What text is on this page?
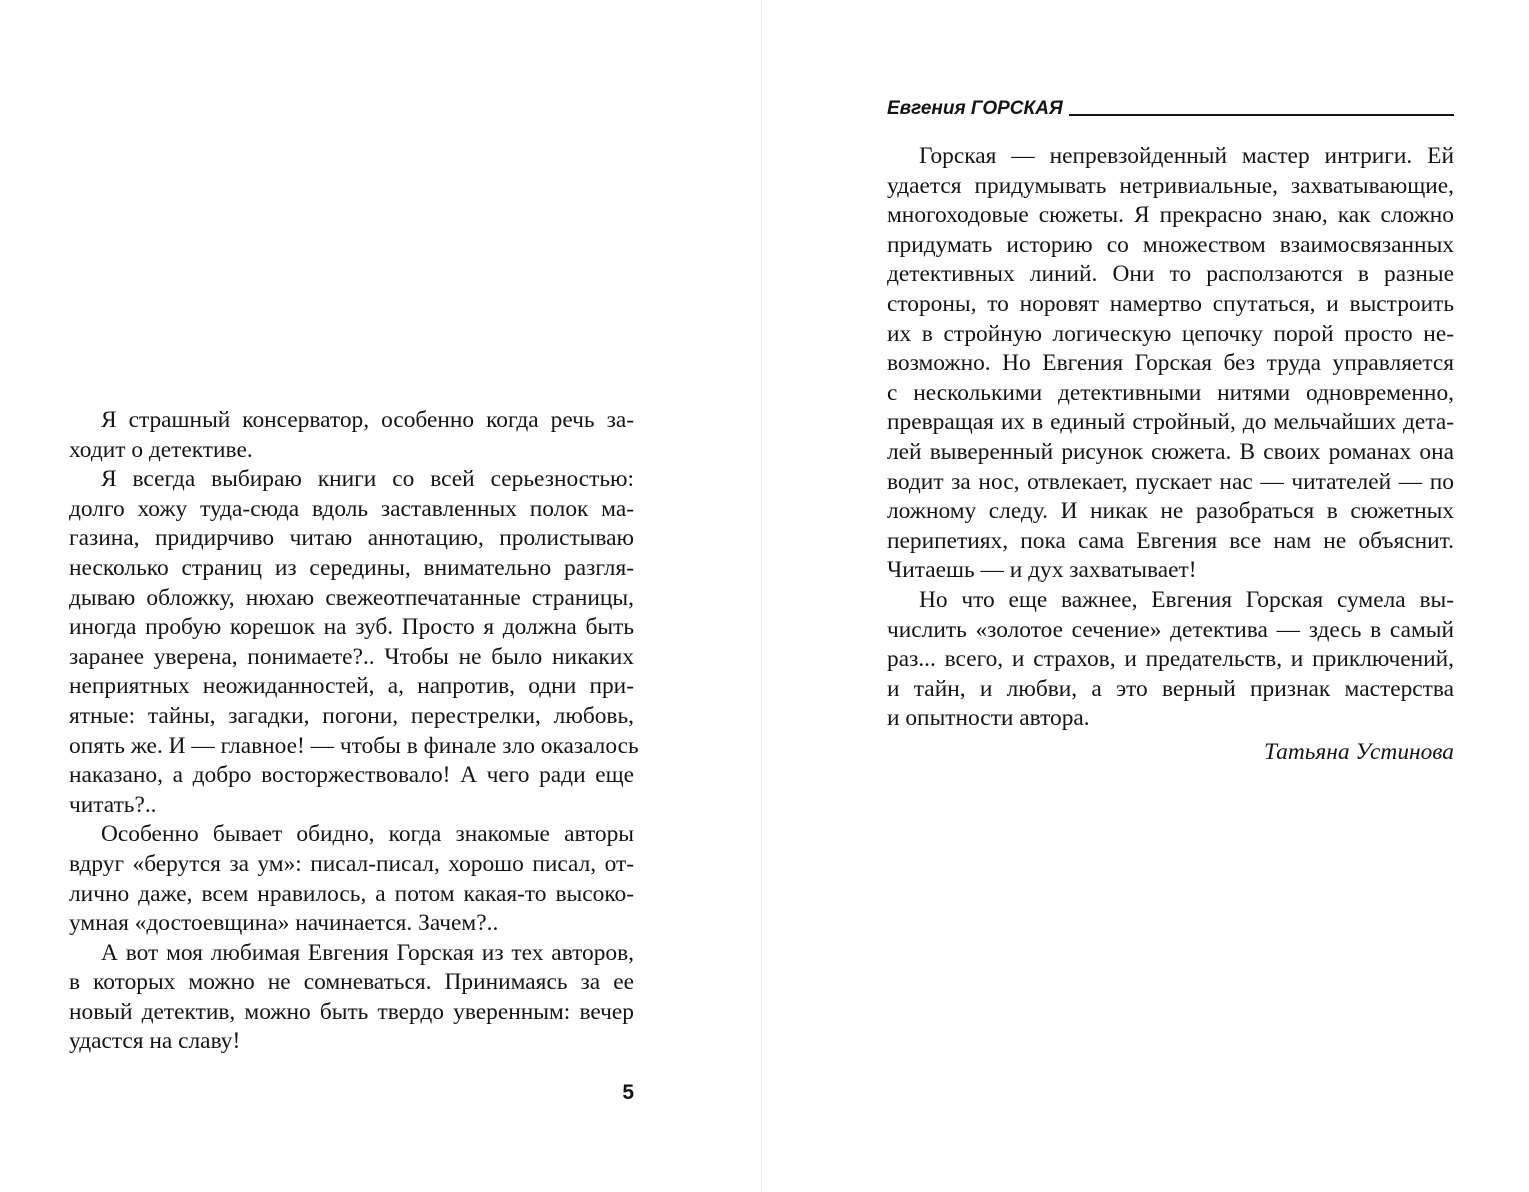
Я страшный консерватор, особенно когда речь за-
ходит о детективе.

Я всегда выбираю книги со всей серьезностью:
долго хожу туда-сюда вдоль заставленных полок ма-
газина, придирчиво читаю аннотацию, пролистываю
несколько страниц из середины, внимательно разгля-
дываю обложку, нюхаю свежеотпечатанные страницы,
иногда пробую корешок на зуб. Просто я должна быть
заранее уверена, понимаете?.. Чтобы не было никаких
неприятных неожиданностей, а, напротив, одни при-
ятные: тайны, загадки, погони, перестрелки, любовь,
опять же. И — главное! — чтобы в финале зло оказалось
наказано, а добро восторжествовало! А чего ради еще
читать?..

Особенно бывает обидно, когда знакомые авторы
вдруг «берутся за ум»: писал-писал, хорошо писал, от-
лично даже, всем нравилось, а потом какая-то высоко-
умная «достоевщина» начинается. Зачем?..

А вот моя любимая Евгения Горская из тех авторов,
в которых можно не сомневаться. Принимаясь за ее
новый детектив, можно быть твердо уверенным: вечер
удастся на славу!

5
Евгения ГОРСКАЯ

Горская — непревзойденный мастер интриги. Ей
удается придумывать нетривиальные, захватывающие,
многоходовые сюжеты. Я прекрасно знаю, как сложно
придумать историю со множеством взаимосвязанных
детективных линий. Они то расползаются в разные
стороны, то норовят намертво спутаться, и выстроить
их в стройную логическую цепочку порой просто не-
возможно. Но Евгения Горская без труда управляется
с несколькими детективными нитями одновременно,
превращая их в единый стройный, до мельчайших дета-
лей выверенный рисунок сюжета. В своих романах она
водит за нос, отвлекает, пускает нас — читателей — по
ложному следу. И никак не разобраться в сюжетных
перипетиях, пока сама Евгения все нам не объяснит.
Читаешь — и дух захватывает!

Но что еще важнее, Евгения Горская сумела вы-
числить «золотое сечение» детектива — здесь в самый
раз... всего, и страхов, и предательств, и приключений,
и тайн, и любви, а это верный признак мастерства
и опытности автора.

Татьяна Устинова
